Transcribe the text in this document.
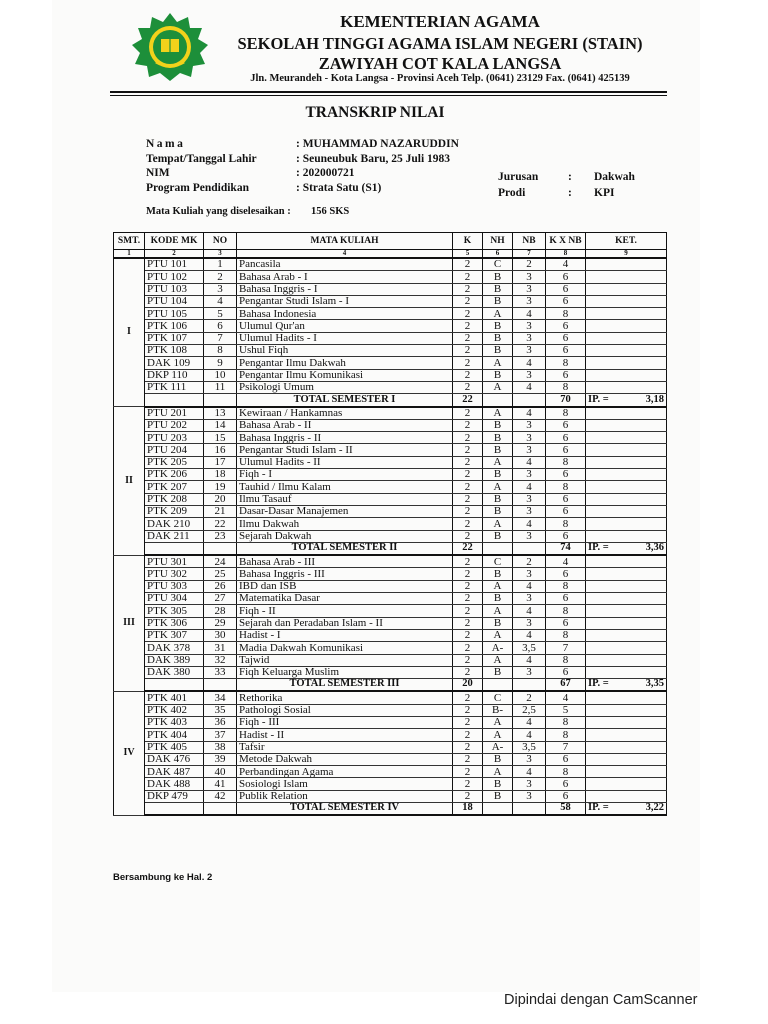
KEMENTERIAN AGAMA
SEKOLAH TINGGI AGAMA ISLAM NEGERI (STAIN)
ZAWIYAH COT KALA LANGSA
Jln. Meurandeh - Kota Langsa - Provinsi Aceh Telp. (0641) 23129 Fax. (0641) 425139
TRANSKRIP NILAI
Nama	: MUHAMMAD NAZARUDDIN
Tempat/Tanggal Lahir	: Seuneubuk Baru, 25 Juli 1983
NIM	: 202000721
Program Pendidikan	: Strata Satu (S1)
Jurusan	: Dakwah
Prodi	: KPI
Mata Kuliah yang diselesaikan : 156 SKS
SMT.	KODE MK	NO	MATA KULIAH	K	NH	NB	K X NB	KET.
1	2	3	4	5	6	7	8	9
I	PTU 101	1	Pancasila	2	C	2	4	
	PTU 102	2	Bahasa Arab - I	2	B	3	6	
	PTU 103	3	Bahasa Inggris - I	2	B	3	6	
	PTU 104	4	Pengantar Studi Islam - I	2	B	3	6	
	PTU 105	5	Bahasa Indonesia	2	A	4	8	
	PTK 106	6	Ulumul Qur'an	2	B	3	6	
	PTK 107	7	Ulumul Hadits - I	2	B	3	6	
	PTK 108	8	Ushul Fiqh	2	B	3	6	
	DAK 109	9	Pengantar Ilmu Dakwah	2	A	4	8	
	DKP 110	10	Pengantar Ilmu Komunikasi	2	B	3	6	
	PTK 111	11	Psikologi Umum	2	A	4	8	
			TOTAL SEMESTER I	22			70	IP. = 3,18

II	PTU 201	13	Kewiraan / Hankamnas	2	A	4	8	
	PTU 202	14	Bahasa Arab - II	2	B	3	6	
	PTU 203	15	Bahasa Inggris - II	2	B	3	6	
	PTU 204	16	Pengantar Studi Islam - II	2	B	3	6	
	PTK 205	17	Ulumul Hadits - II	2	A	4	8	
	PTK 206	18	Fiqh - I	2	B	3	6	
	PTK 207	19	Tauhid / Ilmu Kalam	2	A	4	8	
	PTK 208	20	Ilmu Tasauf	2	B	3	6	
	PTK 209	21	Dasar-Dasar Manajemen	2	B	3	6	
	DAK 210	22	Ilmu Dakwah	2	A	4	8	
	DAK 211	23	Sejarah Dakwah	2	B	3	6	
			TOTAL SEMESTER II	22			74	IP. = 3,36

III	PTU 301	24	Bahasa Arab - III	2	C	2	4	
	PTU 302	25	Bahasa Inggris - III	2	B	3	6	
	PTU 303	26	IBD dan ISB	2	A	4	8	
	PTU 304	27	Matematika Dasar	2	B	3	6	
	PTK 305	28	Fiqh - II	2	A	4	8	
	PTK 306	29	Sejarah dan Peradaban Islam - II	2	B	3	6	
	PTK 307	30	Hadist - I	2	A	4	8	
	DAK 378	31	Madia Dakwah Komunikasi	2	A-	3,5	7	
	DAK 389	32	Tajwid	2	A	4	8	
	DAK 380	33	Fiqh Keluarga Muslim	2	B	3	6	
			TOTAL SEMESTER III	20			67	IP. = 3,35

IV	PTK 401	34	Rethorika	2	C	2	4	
	PTK 402	35	Pathologi Sosial	2	B-	2,5	5	
	PTK 403	36	Fiqh - III	2	A	4	8	
	PTK 404	37	Hadist - II	2	A	4	8	
	PTK 405	38	Tafsir	2	A-	3,5	7	
	DAK 476	39	Metode Dakwah	2	B	3	6	
	DAK 487	40	Perbandingan Agama	2	A	4	8	
	DAK 488	41	Sosiologi Islam	2	B	3	6	
	DKP 479	42	Publik Relation	2	B	3	6	
			TOTAL SEMESTER IV	18			58	IP. = 3,22
Bersambung ke Hal. 2
Dipindai dengan CamScanner
